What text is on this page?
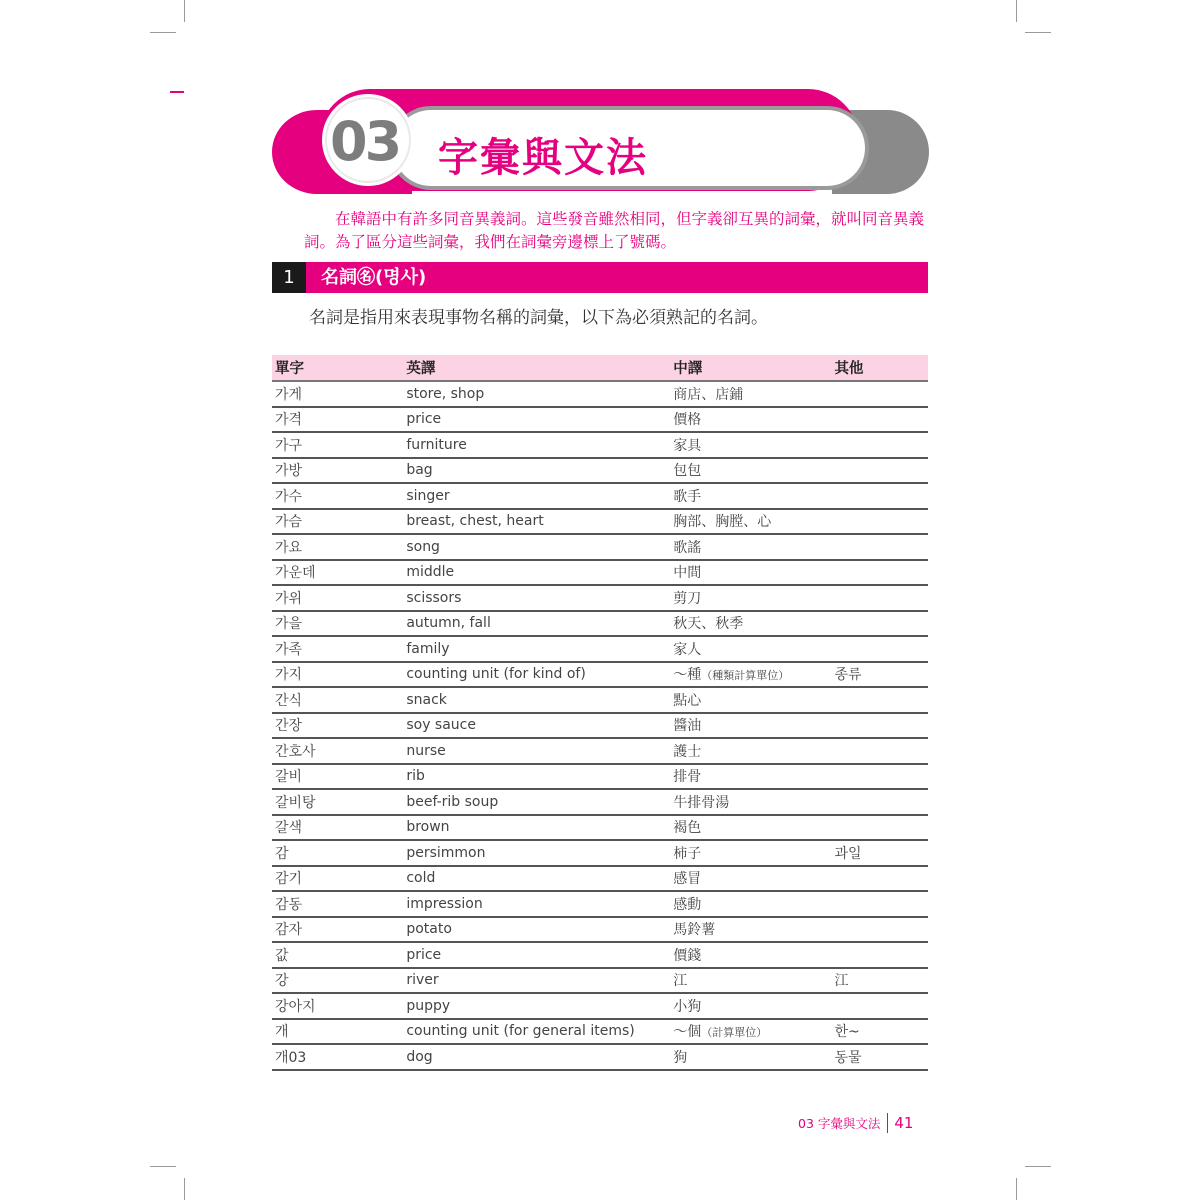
03 字彙與文法
在韓語中有許多同音異義詞。這些發音雖然相同，但字義卻互異的詞彙，就叫同音異義詞。為了區分這些詞彙，我們在詞彙旁邊標上了號碼。
1	名詞㊔(명사)
名詞是指用來表現事物名稱的詞彙，以下為必須熟記的名詞。
單字	英譯	中譯	其他
가게	store, shop	商店、店鋪	
가격	price	價格	
가구	furniture	家具	
가방	bag	包包	
가수	singer	歌手	
가슴	breast, chest, heart	胸部、胸膛、心	
가요	song	歌謠	
가운데	middle	中間	
가위	scissors	剪刀	
가을	autumn, fall	秋天、秋季	
가족	family	家人	
가지	counting unit (for kind of)	～種（種類計算單位）	종류
간식	snack	點心	
간장	soy sauce	醬油	
간호사	nurse	護士	
갈비	rib	排骨	
갈비탕	beef-rib soup	牛排骨湯	
갈색	brown	褐色	
감	persimmon	柿子	과일
감기	cold	感冒	
감동	impression	感動	
감자	potato	馬鈴薯	
값	price	價錢	
강	river	江	江
강아지	puppy	小狗	
개	counting unit (for general items)	～個（計算單位）	한~
개03	dog	狗	동물
03 字彙與文法 41
